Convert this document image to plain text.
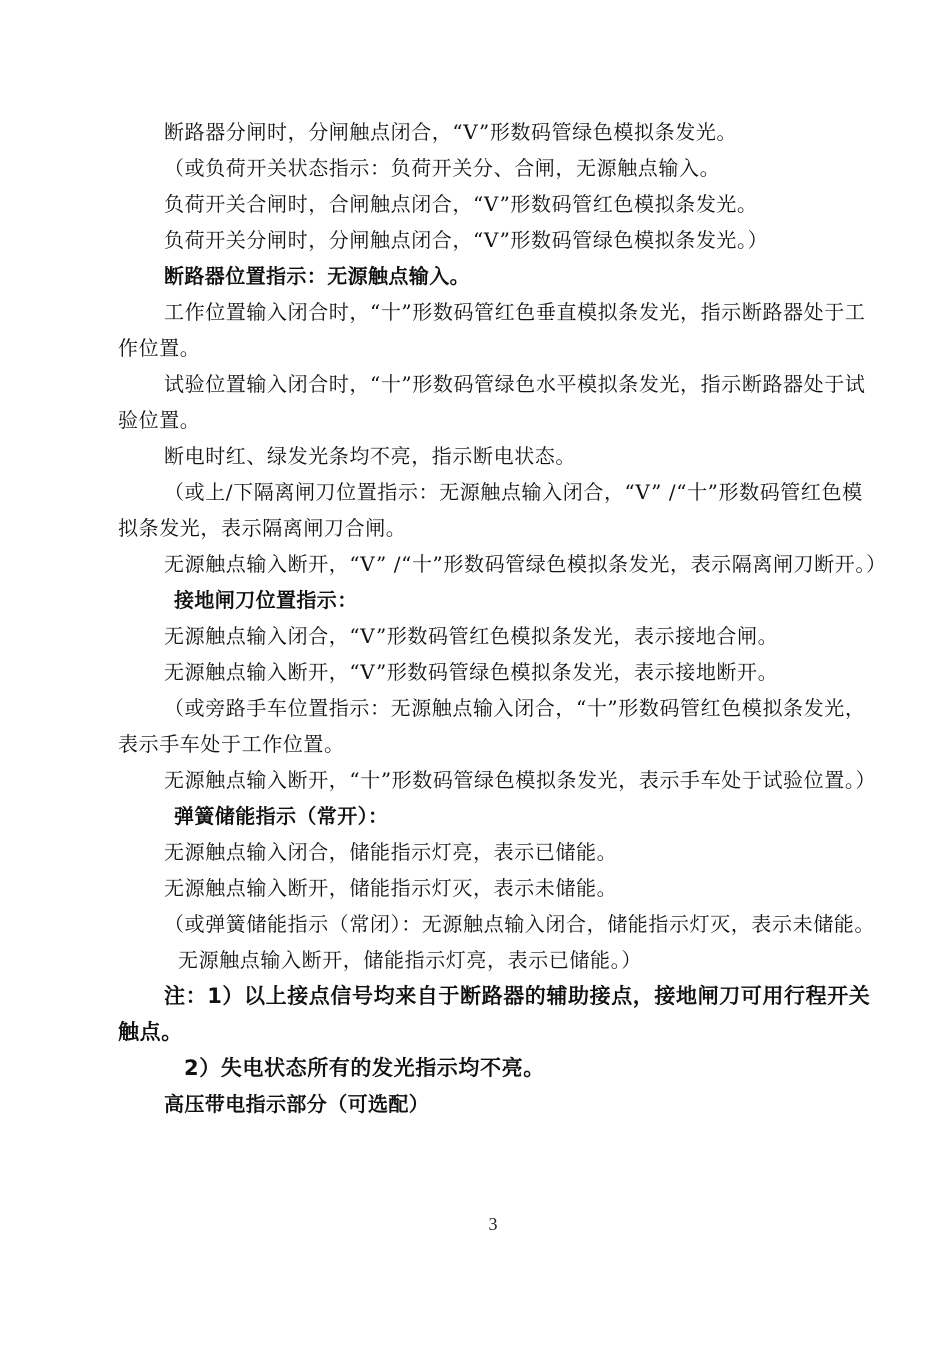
断路器分闸时，分闸触点闭合，“V”形数码管绿色模拟条发光。

（或负荷开关状态指示：负荷开关分、合闸，无源触点输入。

负荷开关合闸时，合闸触点闭合，“V”形数码管红色模拟条发光。

负荷开关分闸时，分闸触点闭合，“V”形数码管绿色模拟条发光。）

断路器位置指示：无源触点输入。

工作位置输入闭合时，“十”形数码管红色垂直模拟条发光，指示断路器处于工作位置。

试验位置输入闭合时，“十”形数码管绿色水平模拟条发光，指示断路器处于试验位置。

断电时红、绿发光条均不亮，指示断电状态。

（或上/下隔离闸刀位置指示：无源触点输入闭合，“V” /“十”形数码管红色模拟条发光，表示隔离闸刀合闸。

无源触点输入断开，“V” /“十”形数码管绿色模拟条发光，表示隔离闸刀断开。）

接地闸刀位置指示：

无源触点输入闭合，“V”形数码管红色模拟条发光，表示接地合闸。

无源触点输入断开，“V”形数码管绿色模拟条发光，表示接地断开。

（或旁路手车位置指示：无源触点输入闭合，“十”形数码管红色模拟条发光，表示手车处于工作位置。

无源触点输入断开，“十”形数码管绿色模拟条发光，表示手车处于试验位置。）

弹簧储能指示（常开）：

无源触点输入闭合，储能指示灯亮，表示已储能。

无源触点输入断开，储能指示灯灭，表示未储能。

（或弹簧储能指示（常闭）：无源触点输入闭合，储能指示灯灭，表示未储能。

无源触点输入断开，储能指示灯亮，表示已储能。）

注：1）以上接点信号均来自于断路器的辅助接点，接地闸刀可用行程开关触点。

2）失电状态所有的发光指示均不亮。

高压带电指示部分（可选配）

3
